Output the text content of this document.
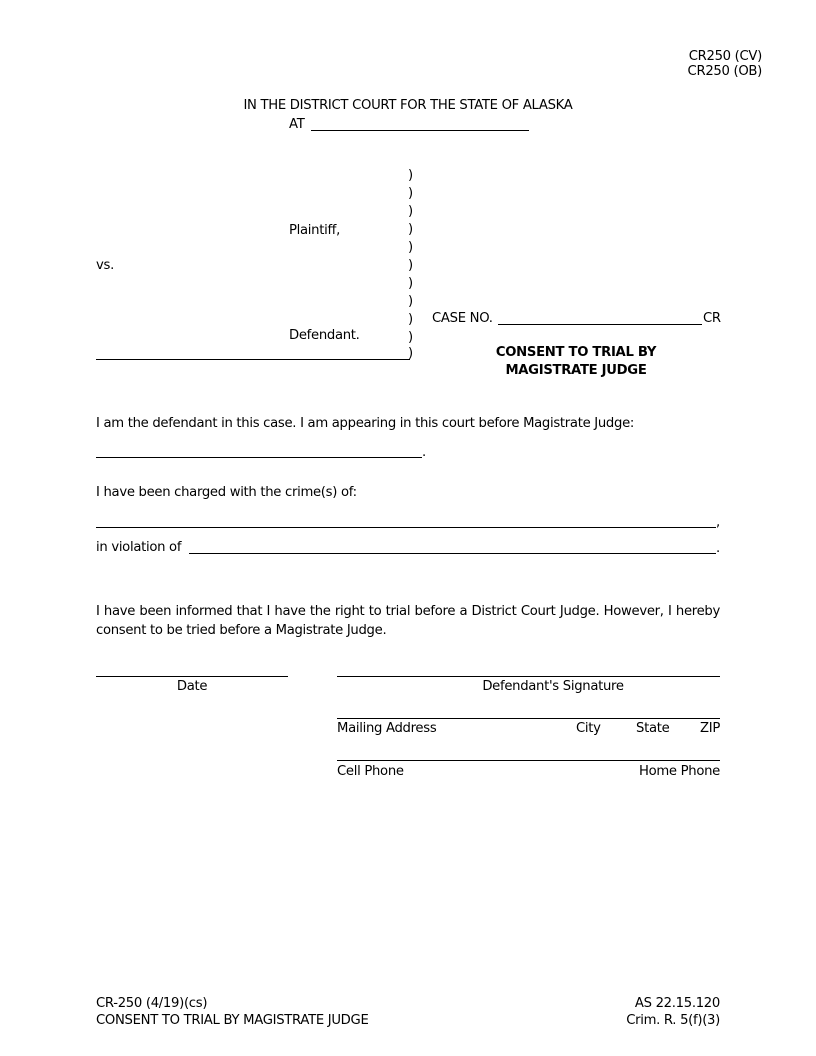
CR250 (CV)
CR250 (OB)
IN THE DISTRICT COURT FOR THE STATE OF ALASKA
AT
)
)
)
)
)
)
)
)
)
)
)
Plaintiff,
vs.
Defendant.
CASE NO.	CR
CONSENT TO TRIAL BY
MAGISTRATE JUDGE
I am the defendant in this case. I am appearing in this court before Magistrate Judge:
.
I have been charged with the crime(s) of:
,
in violation of	.
I have been informed that I have the right to trial before a District Court Judge. However, I hereby consent to be tried before a Magistrate Judge.
Date	Defendant's Signature
Mailing Address	City	State ZIP
Cell Phone	Home Phone
CR-250 (4/19)(cs)
CONSENT TO TRIAL BY MAGISTRATE JUDGE
AS 22.15.120
Crim. R. 5(f)(3)
